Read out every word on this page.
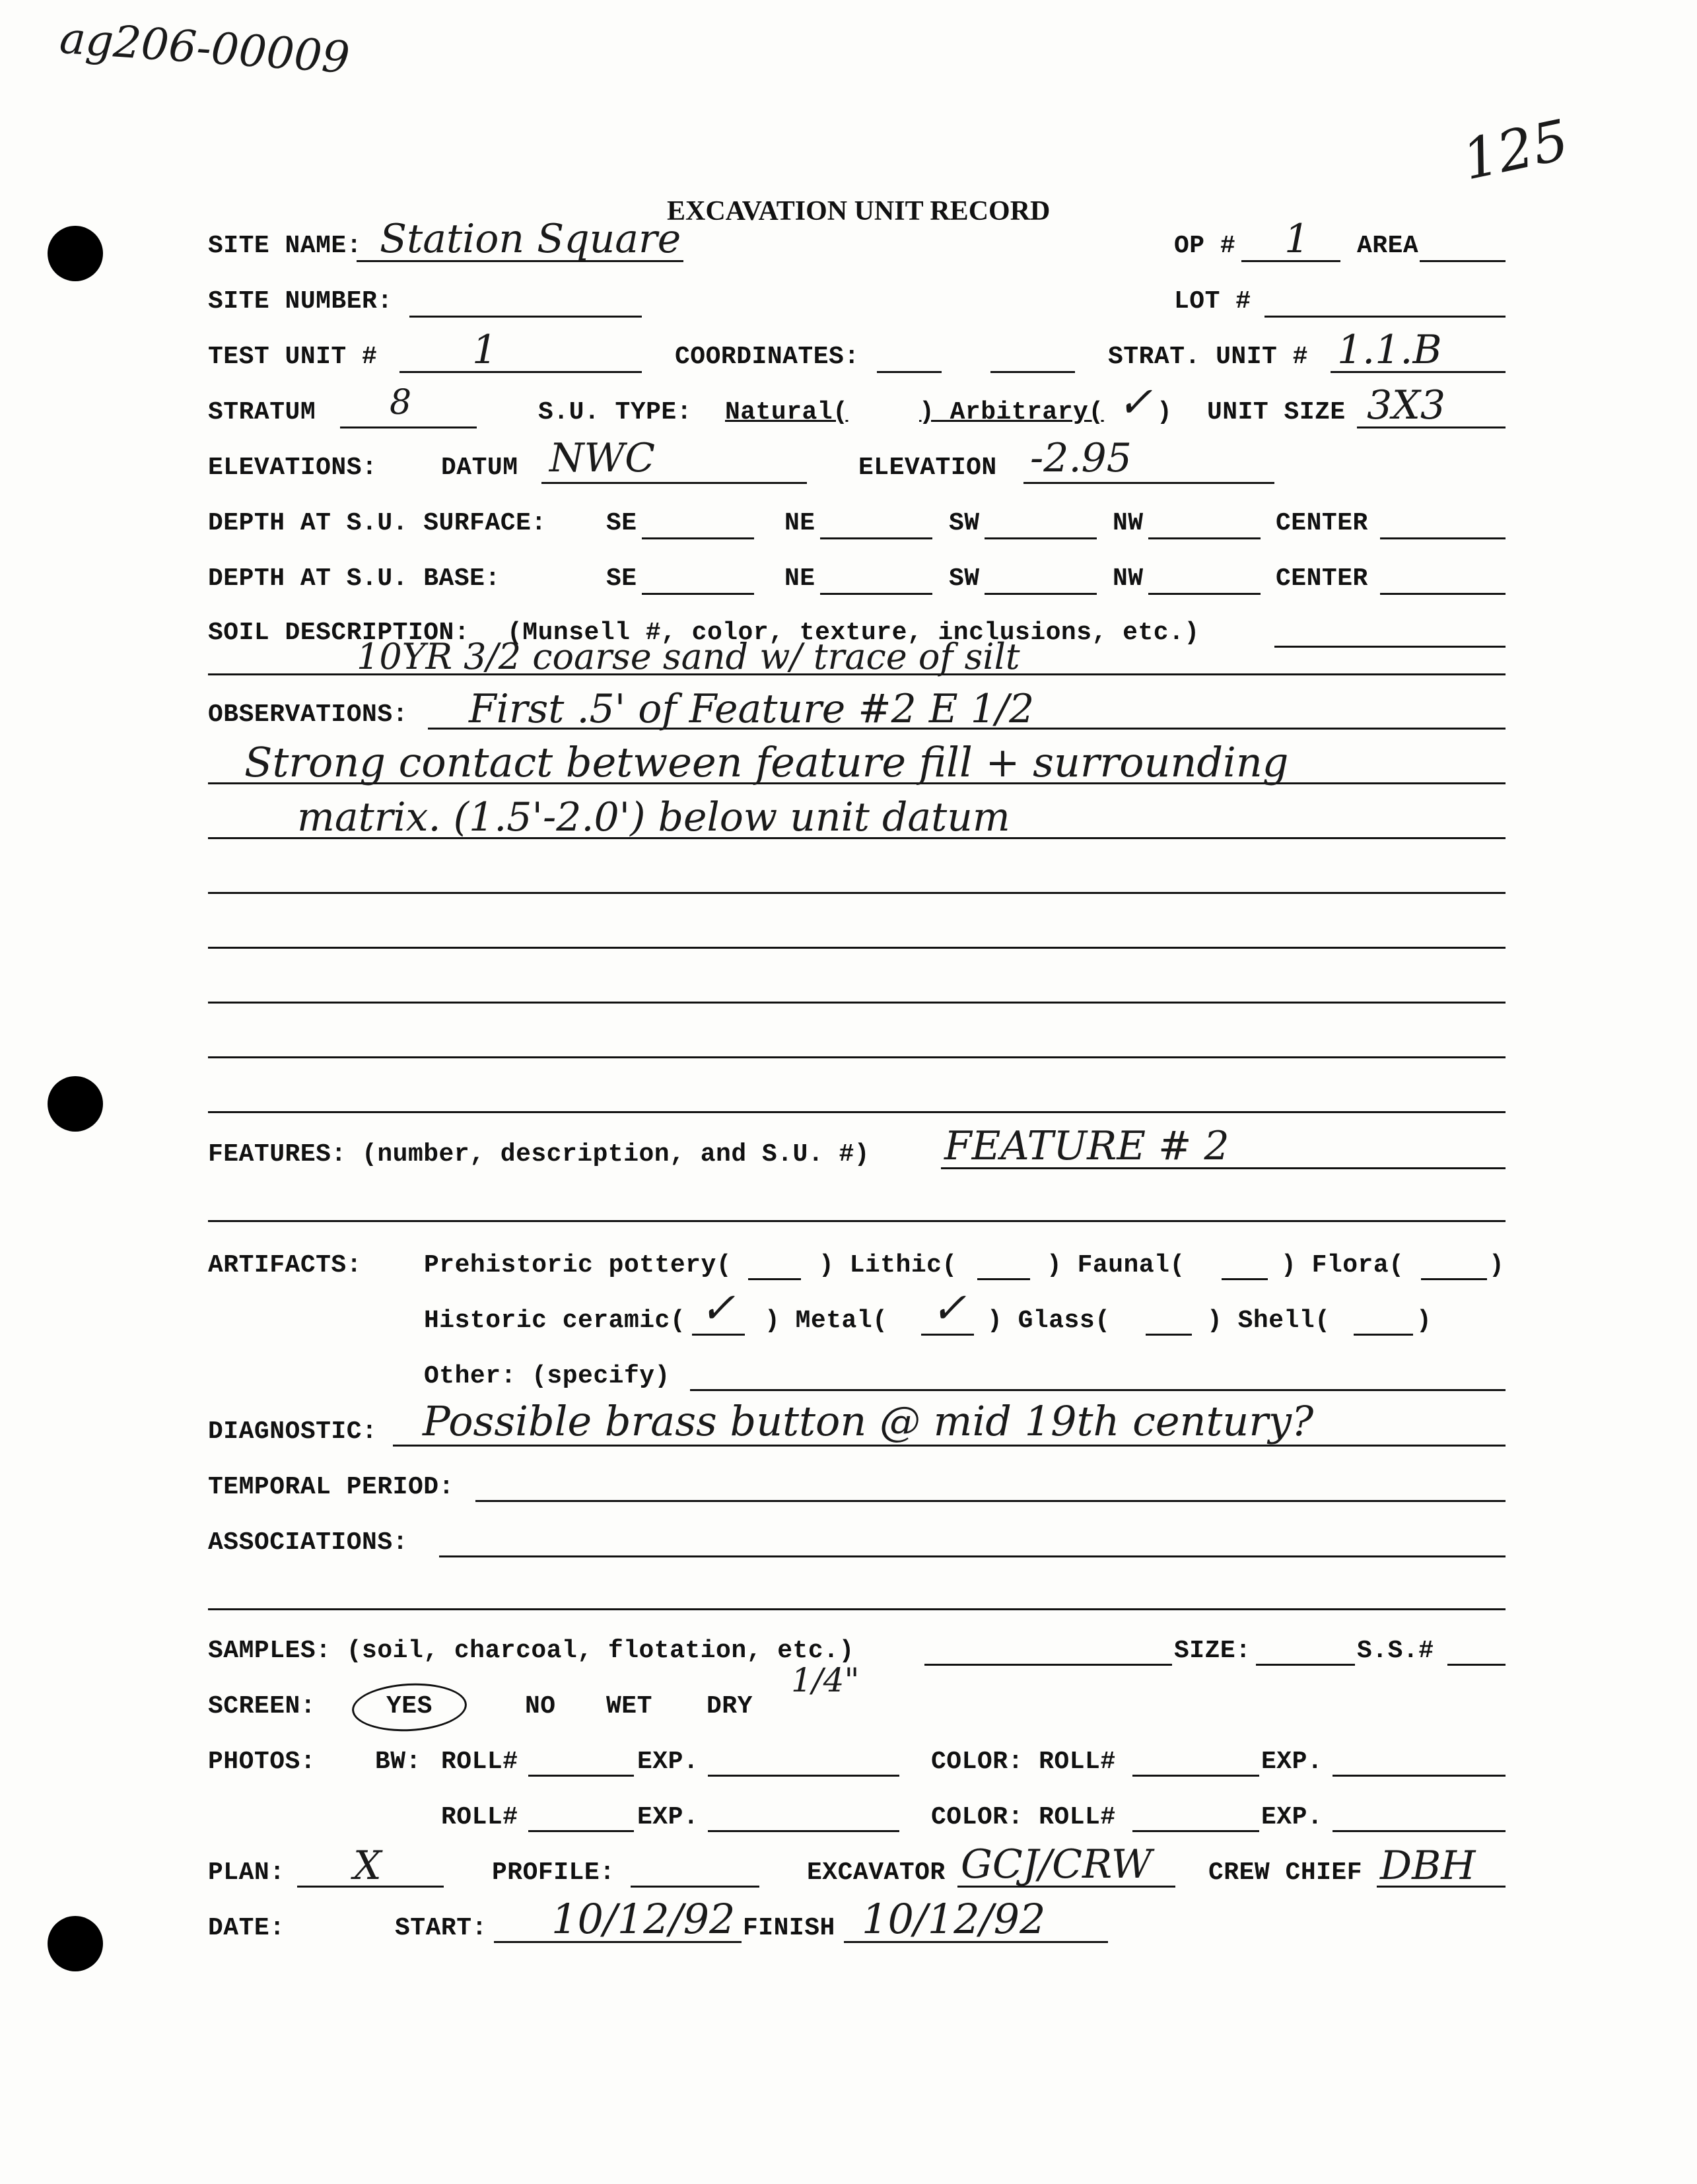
ag206-00009
125
EXCAVATION UNIT RECORD
SITE NAME: Station Square	OP # 1 AREA
SITE NUMBER:	LOT #
TEST UNIT # 1	COORDINATES:	STRAT. UNIT # 1.1.B
STRATUM 8	S.U. TYPE: Natural(	) Arbitrary( ✓ ) UNIT SIZE 3X3
ELEVATIONS:	DATUM NWC	ELEVATION -2.95
DEPTH AT S.U. SURFACE: SE	NE	SW	NW	CENTER
DEPTH AT S.U. BASE:	SE	NE	SW	NW	CENTER
SOIL DESCRIPTION: (Munsell #, color, texture, inclusions, etc.)
10YR 3/2 coarse sand w/ trace of silt
OBSERVATIONS: First .5' of Feature #2 E 1/2
Strong contact between feature fill + surrounding
matrix. (1.5'-2.0') below unit datum
FEATURES: (number, description, and S.U. #) FEATURE # 2
ARTIFACTS: Prehistoric pottery(	) Lithic(	) Faunal(	) Flora(	)
Historic ceramic( ✓ ) Metal( ✓ ) Glass(	) Shell(	)
Other: (specify)
DIAGNOSTIC: Possible brass button @ mid 19th century?
TEMPORAL PERIOD:
ASSOCIATIONS:
SAMPLES: (soil, charcoal, flotation, etc.)	SIZE:	S.S.#
SCREEN:	YES	NO WET DRY
1/4"
PHOTOS: BW: ROLL#	EXP.	COLOR: ROLL#	EXP.
ROLL#	EXP.	COLOR: ROLL#	EXP.
PLAN: X	PROFILE:	EXCAVATOR GCJ/CRW CREW CHIEF DBH
DATE:	START: 10/12/92 FINISH 10/12/92
